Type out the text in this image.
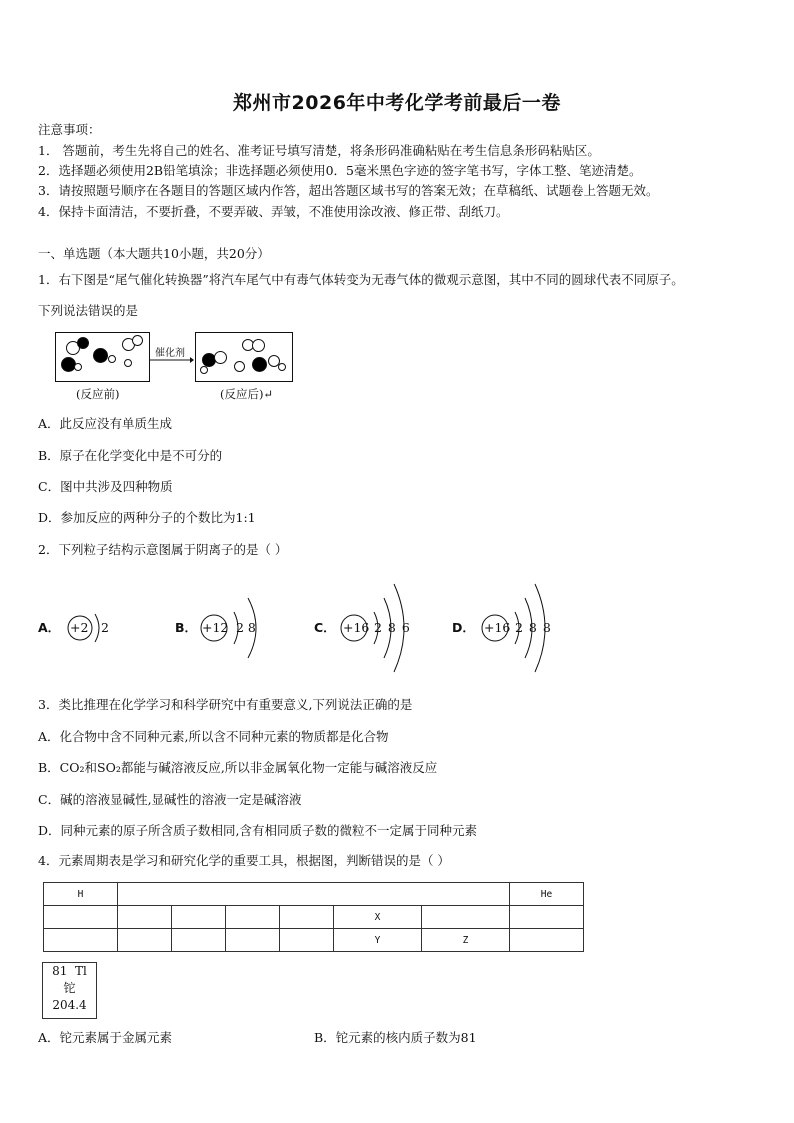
郑州市2026年中考化学考前最后一卷
注意事项：
1． 答题前，考生先将自己的姓名、准考证号填写清楚，将条形码准确粘贴在考生信息条形码粘贴区。
2．选择题必须使用2B铅笔填涂；非选择题必须使用0．5毫米黑色字迹的签字笔书写，字体工整、笔迹清楚。
3．请按照题号顺序在各题目的答题区域内作答，超出答题区域书写的答案无效；在草稿纸、试题卷上答题无效。
4．保持卡面清洁，不要折叠，不要弄破、弄皱，不准使用涂改液、修正带、刮纸刀。
一、单选题（本大题共10小题，共20分）
1．右下图是“尾气催化转换器”将汽车尾气中有毒气体转变为无毒气体的微观示意图，其中不同的圆球代表不同原子。
下列说法错误的是
催化剂
(反应前)	(反应后)↵
A．此反应没有单质生成
B．原子在化学变化中是不可分的
C．图中共涉及四种物质
D．参加反应的两种分子的个数比为1:1
2．下列粒子结构示意图属于阴离子的是（ ）
A． +2 2	B． +12 2 8	C． +16 2 8 6	D． +16 2 8 8
3．类比推理在化学学习和科学研究中有重要意义,下列说法正确的是
A．化合物中含不同种元素,所以含不同种元素的物质都是化合物
B．CO₂和SO₂都能与碱溶液反应,所以非金属氧化物一定能与碱溶液反应
C．碱的溶液显碱性,显碱性的溶液一定是碱溶液
D．同种元素的原子所含质子数相同,含有相同质子数的微粒不一定属于同种元素
4．元素周期表是学习和研究化学的重要工具，根据图，判断错误的是（ ）
H							He
					X		
					Y	Z	
81 Tl
铊
204.4
A．铊元素属于金属元素	B．铊元素的核内质子数为81
